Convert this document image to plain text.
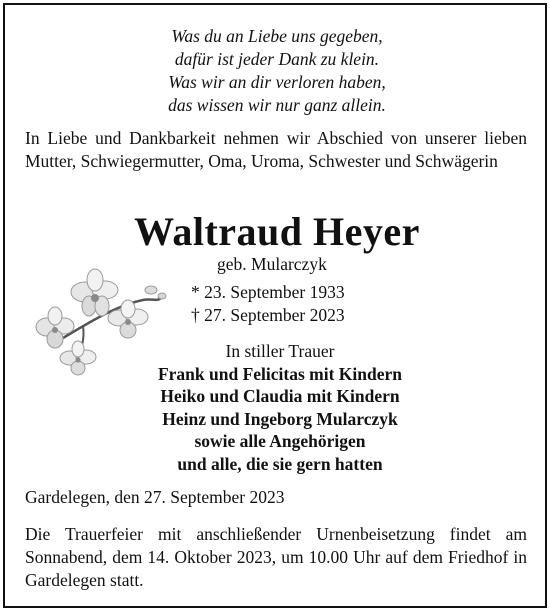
Was du an Liebe uns gegeben,
dafür ist jeder Dank zu klein.
Was wir an dir verloren haben,
das wissen wir nur ganz allein.
In Liebe und Dankbarkeit nehmen wir Abschied von unserer lieben Mutter, Schwiegermutter, Oma, Uroma, Schwester und Schwägerin
Waltraud Heyer
geb. Mularczyk
* 23. September 1933
† 27. September 2023
In stiller Trauer
Frank und Felicitas mit Kindern
Heiko und Claudia mit Kindern
Heinz und Ingeborg Mularczyk
sowie alle Angehörigen
und alle, die sie gern hatten
Gardelegen, den 27. September 2023
Die Trauerfeier mit anschließender Urnenbeisetzung findet am Sonnabend, dem 14. Oktober 2023, um 10.00 Uhr auf dem Friedhof in Gardelegen statt.
